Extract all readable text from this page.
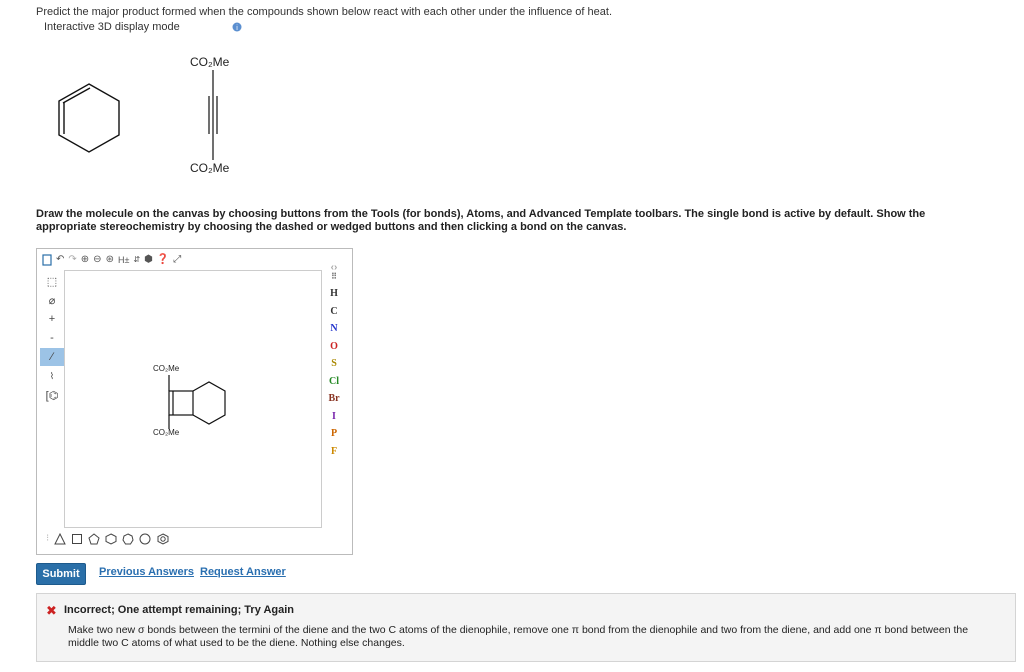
Predict the major product formed when the compounds shown below react with each other under the influence of heat.
Interactive 3D display mode	i
CO₂Me
CO₂Me
Draw the molecule on the canvas by choosing buttons from the Tools (for bonds), Atoms, and Advanced Template toolbars. The single bond is active by default. Show the appropriate stereochemistry by choosing the dashed or wedged buttons and then clicking a bond on the canvas.
↶ ↷ ⊕ ⊖ ⊛ H± ⇵ ⬢ ❓ ⤢
⬚
⌀
+
-
∕
⌇
[⌬
CO₂Me
CO₂Me
‹›
⠿
H
C
N
O
S
Cl
Br
I
P
F
⁝
Submit	Previous Answers Request Answer
✖ Incorrect; One attempt remaining; Try Again
Make two new σ bonds between the termini of the diene and the two C atoms of the dienophile, remove one π bond from the dienophile and two from the diene, and add one π bond between the middle two C atoms of what used to be the diene. Nothing else changes.
